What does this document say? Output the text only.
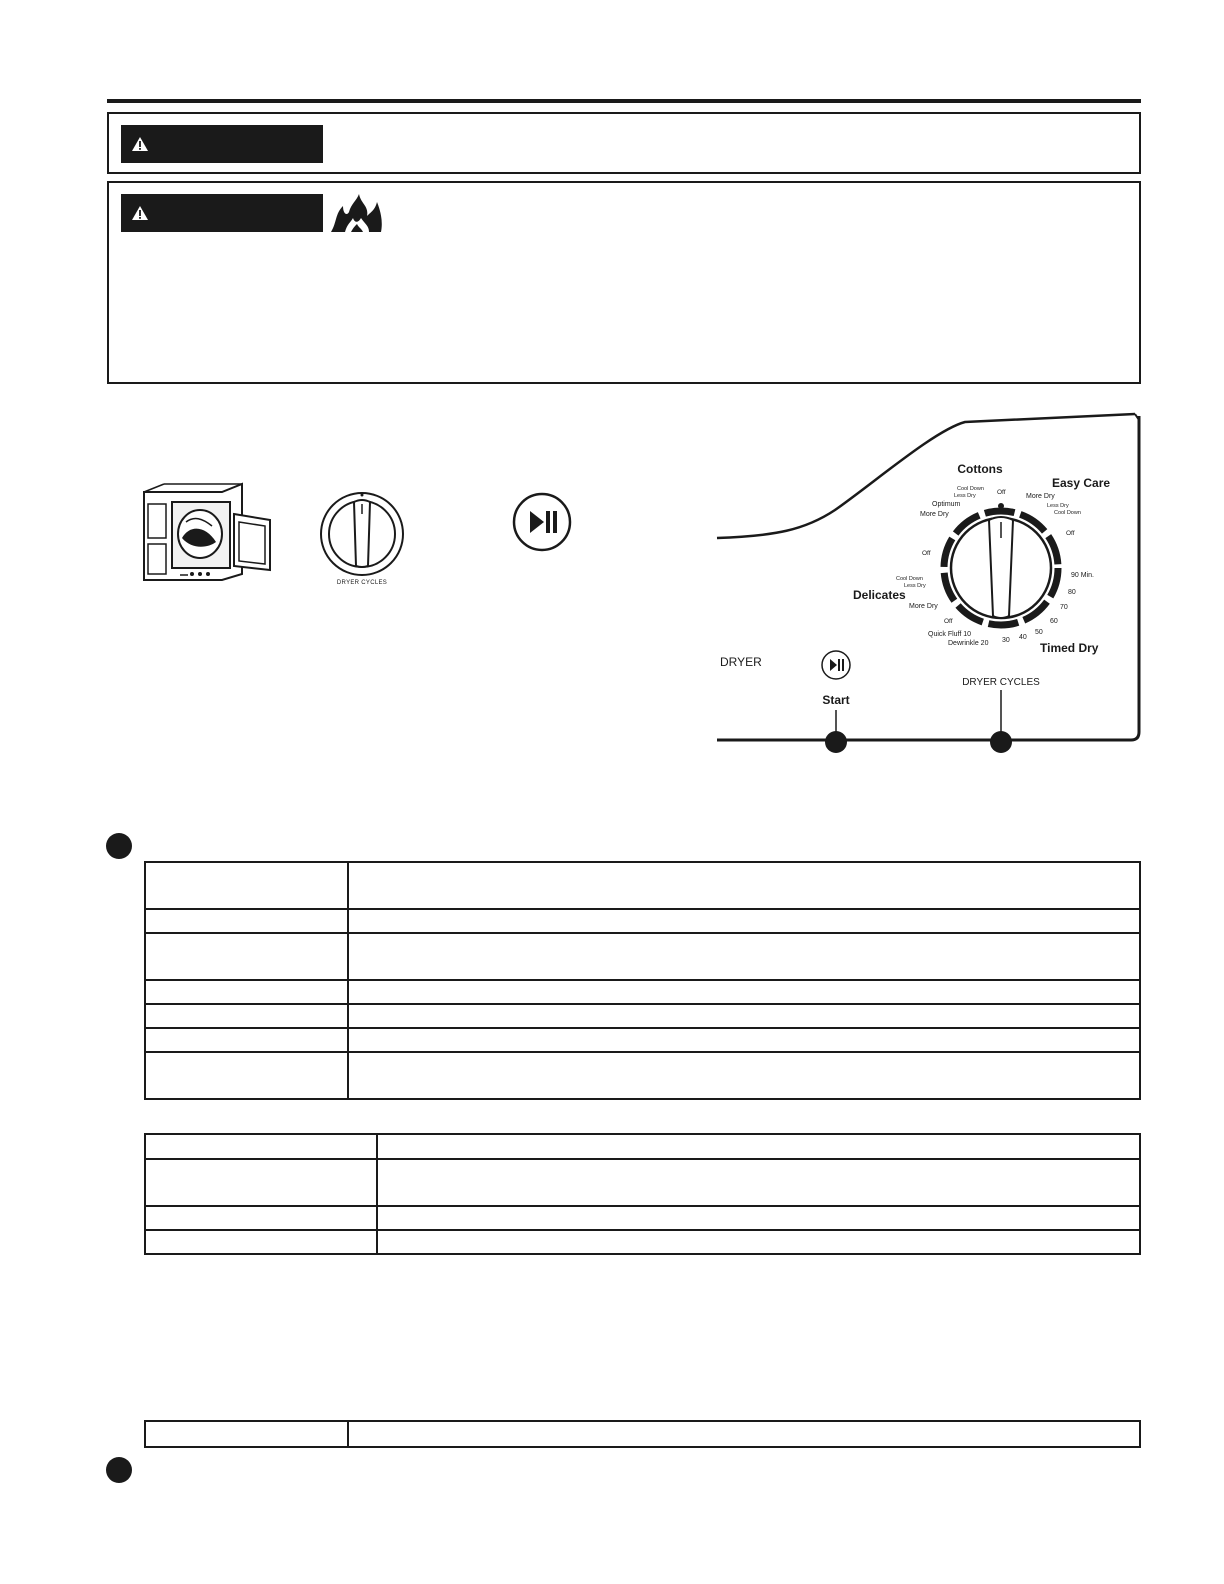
DRYER CYCLES
DRYER
Start
DRYER CYCLES
Cottons
Easy Care
Delicates
Timed Dry
Cool Down
Less Dry	Off
Optimum
More Dry
More Dry
Less Dry
Cool Down
Off
Off
Cool Down
Less Dry
More Dry
Off
Quick Fluff 10
Dewrinkle 20 30 40
50
60
70
80
90 Min.
